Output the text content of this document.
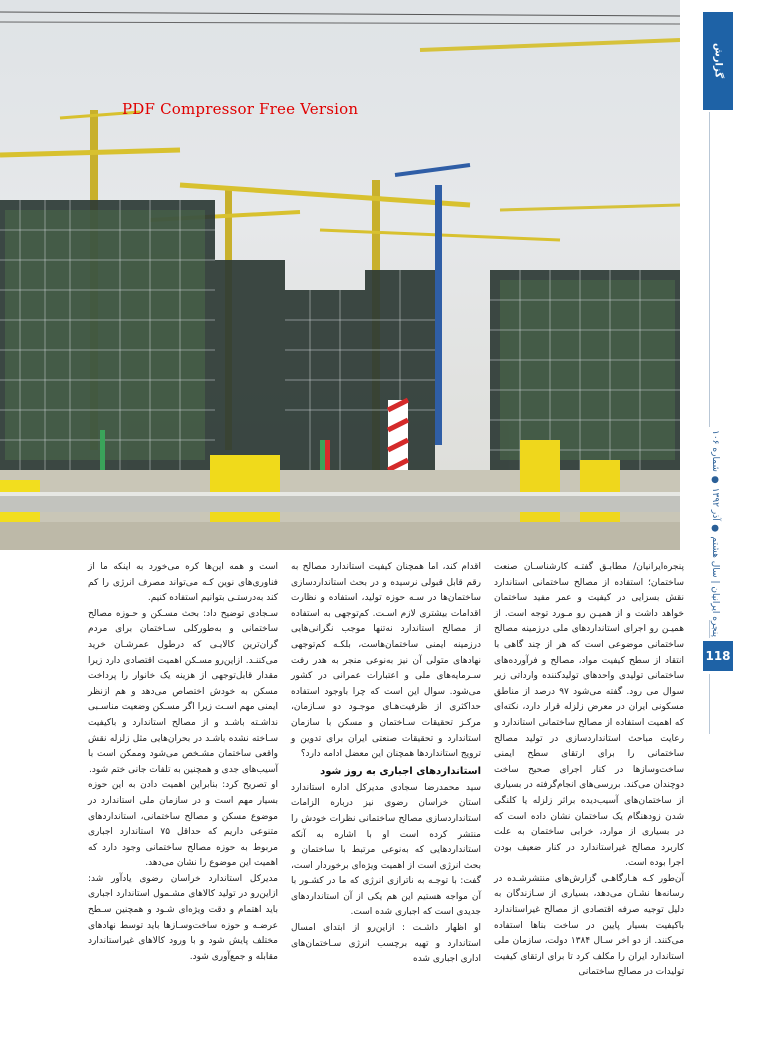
PDF Compressor Free Version
گزارش
پنجره ایرانیان | سال هشتم ● آذر ۱۳۹۲ ● شماره ۱۰۶
118

پنجره‌ایرانیان/ مطابـق گفتـه کارشناسـان صنعت ساختمان؛ استفاده از مصالح ساختمانی استاندارد نقش بسزایی در کیفیت و عمر مفید ساختمان خواهد داشت و از همیـن رو مـورد توجه است. از همیـن رو اجرای استانداردهای ملی درزمینه مصالح ساختمانی موضوعی است که هر از چند گاهی با انتقاد از سطح کیفیت مواد، مصالح و فرآورده‌های ساختمانی تولیدی واحدهای تولیدکننده وارداتی زیر سوال می رود. گفته می‌شود ۹۷ درصد از مناطق مسکونی ایران در معرض زلزله قرار دارد، نکته‌ای که اهمیت استفاده از مصالح ساختمانی استاندارد و رعایت مباحث استانداردسازی در تولید مصالح ساختمانی را برای ارتقای سطح ایمنی ساخت‌وسازها در کنار اجرای صحیح ساخت دوچندان می‌کند. بررسی‌های انجام‌گرفته در بسیاری از ساختمان‌های آسیب‌دیده براثر زلزله یا کلنگی شدن زودهنگام یک ساختمان نشان داده است که در بسیاری از موارد، خرابی ساختمان به علت کاربرد مصالح غیراستاندارد در کنار ضعیف بودن اجرا بوده است.

آن‌طور کـه هـارگاهـی گزارش‌های منتشرشـده در رسانه‌ها نشـان می‌دهد، بسیاری از سـازندگان به دلیل توجیه صرفه اقتصادی از مصالح غیراستاندارد باکیفیت بسیار پایین در ساخت بناها استفاده می‌کنند. از دو اخر سـال ۱۳۸۴ دولت، سازمان ملی استاندارد ایران را مکلف کرد تا برای ارتقای کیفیت تولیدات در مصالح ساختمانی

اقدام کند، اما همچنان کیفیت استاندارد مصالح به رقم قابل قبولی نرسیده و در بحث استانداردسازی ساختمان‌ها در سـه حوزه تولید، استفاده و نظارت اقدامات بیشتری لازم اسـت. کم‌توجهی به استفاده از مصالح استاندارد نه‌تنها موجب نگرانی‌هایی درزمینه ایمنی ساختمان‌هاست، بلکـه کم‌توجهی نهادهای متولی آن نیز به‌نوعی منجر به هدر رفت سـرمایه‌های ملی و اعتبارات عمرانی در کشور می‌شود. سوال این است که چرا باوجود استفاده حداکثری از ظرفیت‌هـای موجـود دو سـازمان، مرکـز تحقیقات سـاختمان و مسکن با سازمان استاندارد و تحقیقات صنعتی ایران برای تدوین و ترویج استانداردها همچنان این معضل ادامه دارد؟

استانداردهای اجباری به روز شود

سید محمدرضا سجادی مدیرکل اداره استاندارد استان خراسان رضوی نیز درباره الزامات استانداردسازی مصالح ساختمانی نظرات خودش را منتشر کرده است او با اشاره به آنکه استانداردهایی که به‌نوعی مرتبط با ساختمان و بحث انرژی است از اهمیت ویژه‌ای برخوردار است، گفت: با توجـه به ناترازی انرژی که ما در کشـور با آن مواجه هستیم این هم یکی از آن استانداردهای جدیدی است که اجباری شده است.

او اظهار داشـت : ازاین‌رو از ابتدای امسال استاندارد و تهیه برچسب انرژی سـاختمان‌های اداری اجباری شده

است و همه این‌ها کره می‌خورد به اینکه ما از فناوری‌های نوین کـه می‌تواند مصرف انرژی را کم کند به‌درستـی بتوانیم استفاده کنیم.

سـجادی توضیح داد: بحث مسـکن و حـوزه مصالح ساختمانی و به‌طورکلی سـاختمان برای مردم گران‌ترین کالایـی که درطول عمرشـان خرید می‌کننـد. ازاین‌رو مسـکن اهمیت اقتصادی دارد زیرا مقدار قابل‌توجهی از هزینه یک خانوار را پرداخت مسکن به خودش اختصاص می‌دهد و هم ازنظر ایمنی مهم اسـت زیرا اگر مسـکن وضعیت مناسـبی نداشـته باشـد و از مصالح استاندارد و باکیفیت سـاخته نشده باشـد در بحران‌هایی مثل زلزله نقش واقعی ساختمان مشـخص می‌شود وممکن است با آسیب‌های جدی و همچنین به تلفات جانی ختم شود.

او تصریح کرد: بنابراین اهمیت دادن به این حوزه بسیار مهم است و در سازمان ملی استاندارد در موضوع مسکن و مصالح ساختمانی، استانداردهای متنوعی داریم که حداقل ۷۵ استاندارد اجباری مربوط به حوزه مصالح ساختمانی وجود دارد که اهمیت این موضوع را نشان می‌دهد.

مدیرکل استاندارد خراسان رضوی یادآور شد: ازاین‌رو در تولید کالاهای مشـمول استاندارد اجباری باید اهتمام و دقت ویژه‌ای شـود و همچنین سـطح عرضـه و حوزه ساخت‌وسـازها باید توسط نهادهای مختلف پایش شود و با ورود کالاهای غیراستاندارد مقابله و جمع‌آوری شود.
